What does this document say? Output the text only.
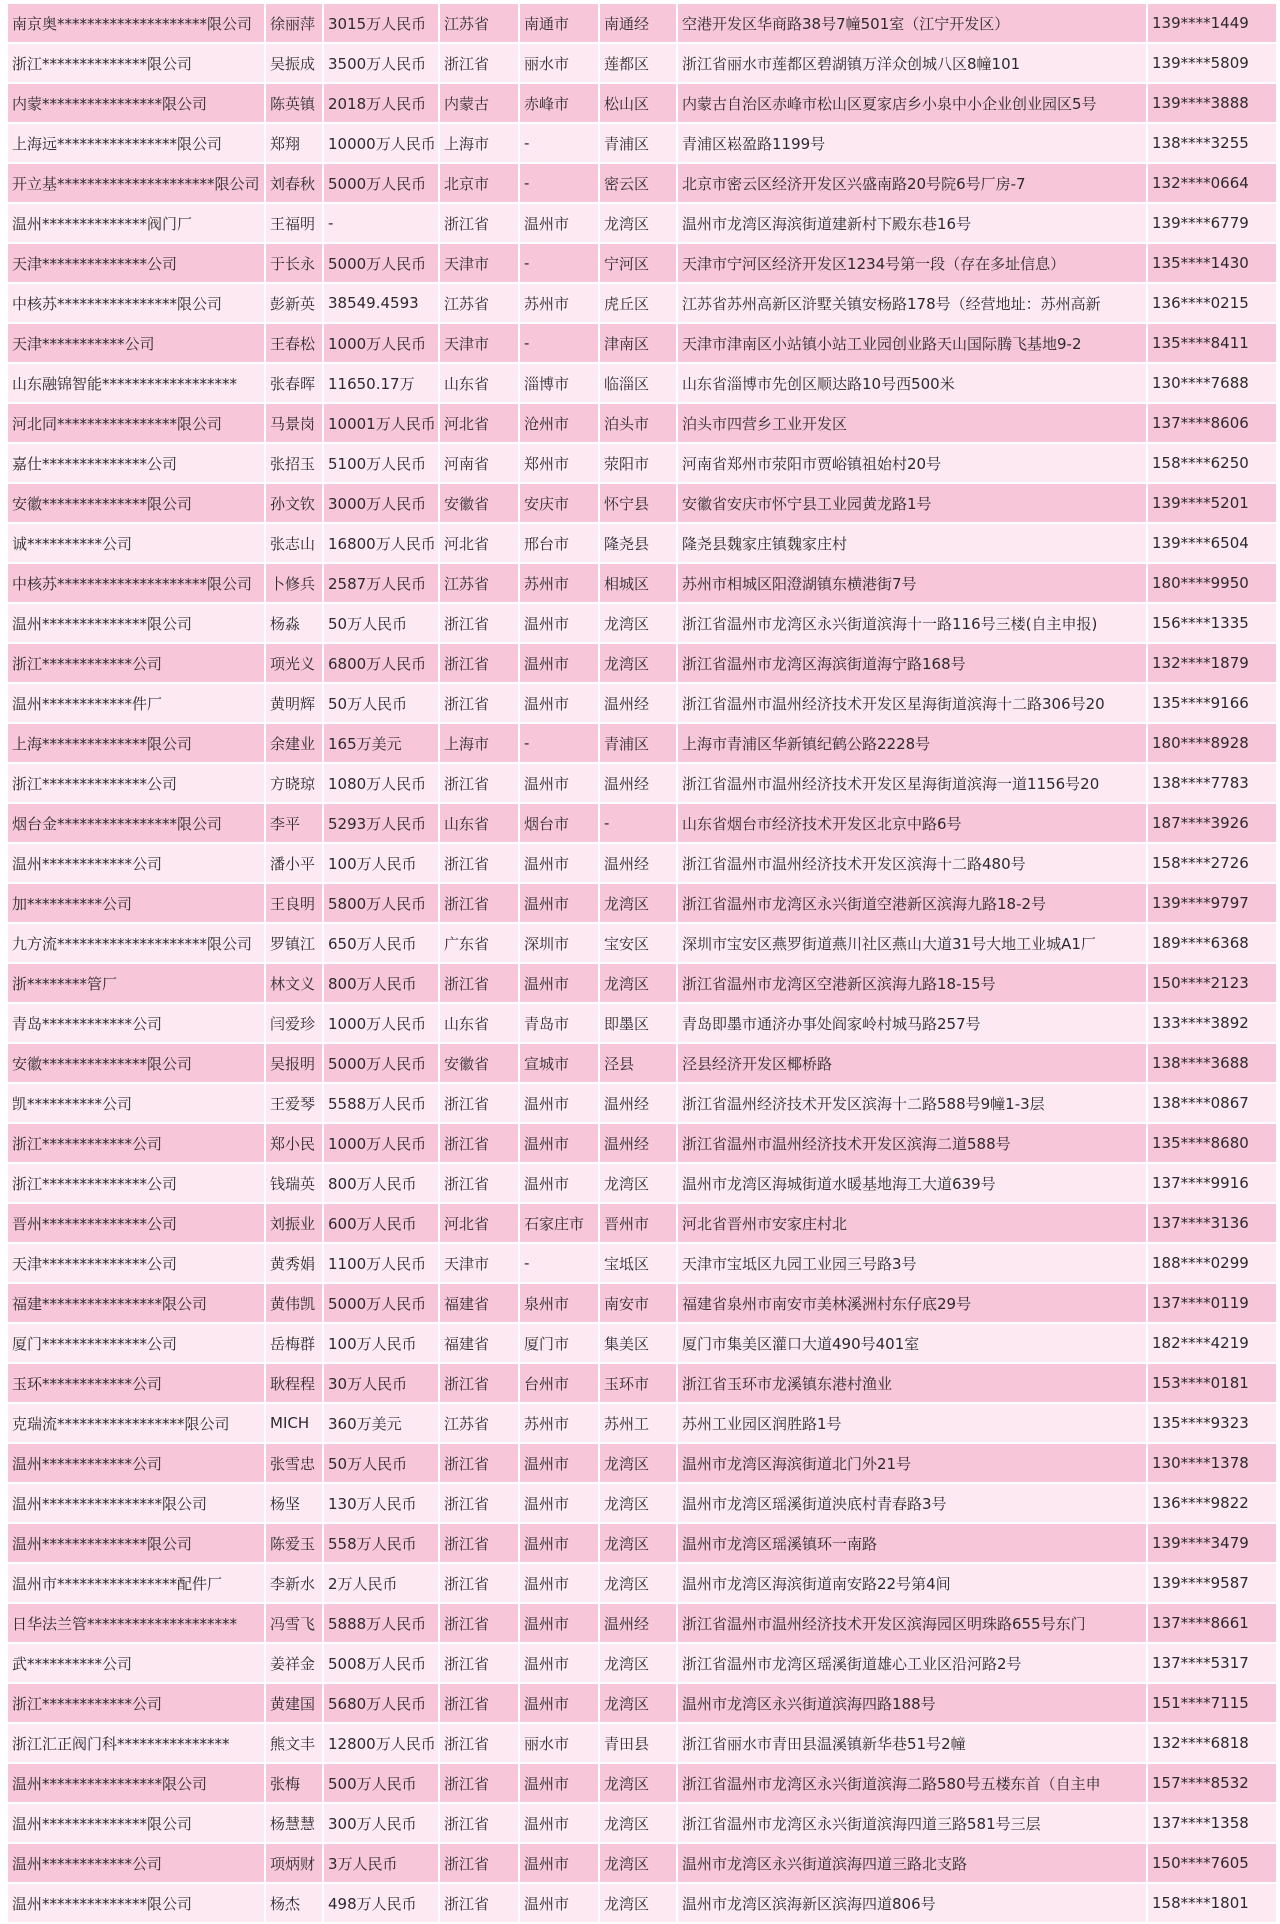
南京奥********************限公司	徐丽萍	3015万人民币	江苏省	南通市	南通经	空港开发区华商路38号7幢501室（江宁开发区）	139****1449
浙江**************限公司	吴振成	3500万人民币	浙江省	丽水市	莲都区	浙江省丽水市莲都区碧湖镇万洋众创城八区8幢101	139****5809
内蒙****************限公司	陈英镇	2018万人民币	内蒙古	赤峰市	松山区	内蒙古自治区赤峰市松山区夏家店乡小泉中小企业创业园区5号	139****3888
上海远****************限公司	郑翔	10000万人民币	上海市	-	青浦区	青浦区崧盈路1199号	138****3255
开立基*********************限公司	刘春秋	5000万人民币	北京市	-	密云区	北京市密云区经济开发区兴盛南路20号院6号厂房-7	132****0664
温州**************阀门厂	王福明	-	浙江省	温州市	龙湾区	温州市龙湾区海滨街道建新村下殿东巷16号	139****6779
天津**************公司	于长永	5000万人民币	天津市	-	宁河区	天津市宁河区经济开发区1234号第一段（存在多址信息）	135****1430
中核苏****************限公司	彭新英	38549.4593	江苏省	苏州市	虎丘区	江苏省苏州高新区浒墅关镇安杨路178号（经营地址：苏州高新	136****0215
天津***********公司	王春松	1000万人民币	天津市	-	津南区	天津市津南区小站镇小站工业园创业路天山国际腾飞基地9-2	135****8411
山东融锦智能******************	张春晖	11650.17万	山东省	淄博市	临淄区	山东省淄博市先创区顺达路10号西500米	130****7688
河北同****************限公司	马景岗	10001万人民币	河北省	沧州市	泊头市	泊头市四营乡工业开发区	137****8606
嘉仕**************公司	张招玉	5100万人民币	河南省	郑州市	荥阳市	河南省郑州市荥阳市贾峪镇祖始村20号	158****6250
安徽**************限公司	孙文钦	3000万人民币	安徽省	安庆市	怀宁县	安徽省安庆市怀宁县工业园黄龙路1号	139****5201
诚**********公司	张志山	16800万人民币	河北省	邢台市	隆尧县	隆尧县魏家庄镇魏家庄村	139****6504
中核苏********************限公司	卜修兵	2587万人民币	江苏省	苏州市	相城区	苏州市相城区阳澄湖镇东横港街7号	180****9950
温州**************限公司	杨淼	50万人民币	浙江省	温州市	龙湾区	浙江省温州市龙湾区永兴街道滨海十一路116号三楼(自主申报)	156****1335
浙江************公司	项光义	6800万人民币	浙江省	温州市	龙湾区	浙江省温州市龙湾区海滨街道海宁路168号	132****1879
温州************件厂	黄明辉	50万人民币	浙江省	温州市	温州经	浙江省温州市温州经济技术开发区星海街道滨海十二路306号20	135****9166
上海**************限公司	余建业	165万美元	上海市	-	青浦区	上海市青浦区华新镇纪鹤公路2228号	180****8928
浙江**************公司	方晓琼	1080万人民币	浙江省	温州市	温州经	浙江省温州市温州经济技术开发区星海街道滨海一道1156号20	138****7783
烟台金****************限公司	李平	5293万人民币	山东省	烟台市	-	山东省烟台市经济技术开发区北京中路6号	187****3926
温州************公司	潘小平	100万人民币	浙江省	温州市	温州经	浙江省温州市温州经济技术开发区滨海十二路480号	158****2726
加**********公司	王良明	5800万人民币	浙江省	温州市	龙湾区	浙江省温州市龙湾区永兴街道空港新区滨海九路18-2号	139****9797
九方流********************限公司	罗镇江	650万人民币	广东省	深圳市	宝安区	深圳市宝安区燕罗街道燕川社区燕山大道31号大地工业城A1厂	189****6368
浙********管厂	林文义	800万人民币	浙江省	温州市	龙湾区	浙江省温州市龙湾区空港新区滨海九路18-15号	150****2123
青岛************公司	闫爱珍	1000万人民币	山东省	青岛市	即墨区	青岛即墨市通济办事处阎家岭村城马路257号	133****3892
安徽**************限公司	吴报明	5000万人民币	安徽省	宣城市	泾县	泾县经济开发区椰桥路	138****3688
凯**********公司	王爱琴	5588万人民币	浙江省	温州市	温州经	浙江省温州经济技术开发区滨海十二路588号9幢1-3层	138****0867
浙江************公司	郑小民	1000万人民币	浙江省	温州市	温州经	浙江省温州市温州经济技术开发区滨海二道588号	135****8680
浙江**************公司	钱瑞英	800万人民币	浙江省	温州市	龙湾区	温州市龙湾区海城街道水暖基地海工大道639号	137****9916
晋州**************公司	刘振业	600万人民币	河北省	石家庄市	晋州市	河北省晋州市安家庄村北	137****3136
天津**************公司	黄秀娟	1100万人民币	天津市	-	宝坻区	天津市宝坻区九园工业园三号路3号	188****0299
福建****************限公司	黄伟凯	5000万人民币	福建省	泉州市	南安市	福建省泉州市南安市美林溪洲村东仔底29号	137****0119
厦门**************公司	岳梅群	100万人民币	福建省	厦门市	集美区	厦门市集美区灌口大道490号401室	182****4219
玉环************公司	耿程程	30万人民币	浙江省	台州市	玉环市	浙江省玉环市龙溪镇东港村渔业	153****0181
克瑞流*****************限公司	MICH	360万美元	江苏省	苏州市	苏州工	苏州工业园区润胜路1号	135****9323
温州************公司	张雪忠	50万人民币	浙江省	温州市	龙湾区	温州市龙湾区海滨街道北门外21号	130****1378
温州****************限公司	杨坚	130万人民币	浙江省	温州市	龙湾区	温州市龙湾区瑶溪街道泱底村青春路3号	136****9822
温州**************限公司	陈爱玉	558万人民币	浙江省	温州市	龙湾区	温州市龙湾区瑶溪镇环一南路	139****3479
温州市****************配件厂	李新水	2万人民币	浙江省	温州市	龙湾区	温州市龙湾区海滨街道南安路22号第4间	139****9587
日华法兰管********************	冯雪飞	5888万人民币	浙江省	温州市	温州经	浙江省温州市温州经济技术开发区滨海园区明珠路655号东门	137****8661
武**********公司	姜祥金	5008万人民币	浙江省	温州市	龙湾区	浙江省温州市龙湾区瑶溪街道雄心工业区沿河路2号	137****5317
浙江************公司	黄建国	5680万人民币	浙江省	温州市	龙湾区	温州市龙湾区永兴街道滨海四路188号	151****7115
浙江汇正阀门科***************	熊文丰	12800万人民币	浙江省	丽水市	青田县	浙江省丽水市青田县温溪镇新华巷51号2幢	132****6818
温州****************限公司	张梅	500万人民币	浙江省	温州市	龙湾区	浙江省温州市龙湾区永兴街道滨海二路580号五楼东首（自主申	157****8532
温州**************限公司	杨慧慧	300万人民币	浙江省	温州市	龙湾区	浙江省温州市龙湾区永兴街道滨海四道三路581号三层	137****1358
温州************公司	项炳财	3万人民币	浙江省	温州市	龙湾区	温州市龙湾区永兴街道滨海四道三路北支路	150****7605
温州**************限公司	杨杰	498万人民币	浙江省	温州市	龙湾区	温州市龙湾区滨海新区滨海四道806号	158****1801
